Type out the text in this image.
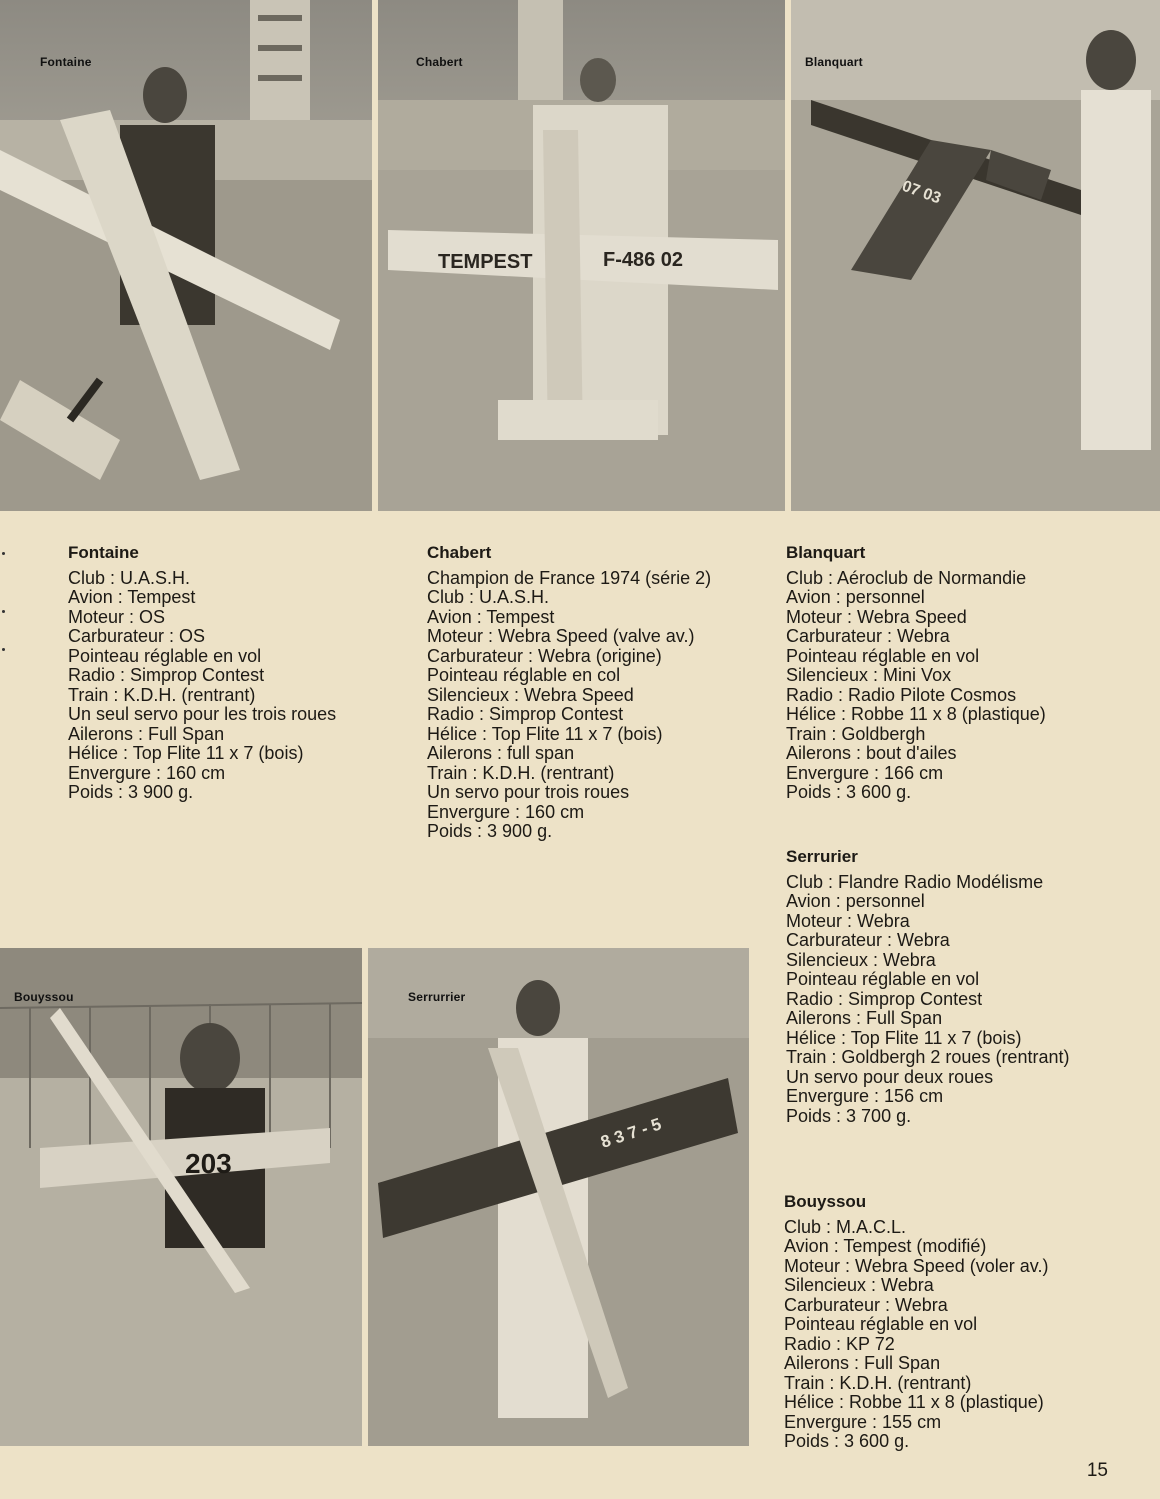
Fontaine
TEMPEST	F-486 02
Chabert
07 03
Blanquart
Fontaine
Club : U.A.S.H.
Avion : Tempest
Moteur : OS
Carburateur : OS
Pointeau réglable en vol
Radio : Simprop Contest
Train : K.D.H. (rentrant)
Un seul servo pour les trois roues
Ailerons : Full Span
Hélice : Top Flite 11 x 7 (bois)
Envergure : 160 cm
Poids : 3 900 g.
Chabert
Champion de France 1974 (série 2)
Club : U.A.S.H.
Avion : Tempest
Moteur : Webra Speed (valve av.)
Carburateur : Webra (origine)
Pointeau réglable en col
Silencieux : Webra Speed
Radio : Simprop Contest
Hélice : Top Flite 11 x 7 (bois)
Ailerons : full span
Train : K.D.H. (rentrant)
Un servo pour trois roues
Envergure : 160 cm
Poids : 3 900 g.
Blanquart
Club : Aéroclub de Normandie
Avion : personnel
Moteur : Webra Speed
Carburateur : Webra
Pointeau réglable en vol
Silencieux : Mini Vox
Radio : Radio Pilote Cosmos
Hélice : Robbe 11 x 8 (plastique)
Train : Goldbergh
Ailerons : bout d'ailes
Envergure : 166 cm
Poids : 3 600 g.
Serrurier
Club : Flandre Radio Modélisme
Avion : personnel
Moteur : Webra
Carburateur : Webra
Silencieux : Webra
Pointeau réglable en vol
Radio : Simprop Contest
Ailerons : Full Span
Hélice : Top Flite 11 x 7 (bois)
Train : Goldbergh 2 roues (rentrant)
Un servo pour deux roues
Envergure : 156 cm
Poids : 3 700 g.
Bouyssou
Club : M.A.C.L.
Avion : Tempest (modifié)
Moteur : Webra Speed (voler av.)
Silencieux : Webra
Carburateur : Webra
Pointeau réglable en vol
Radio : KP 72
Ailerons : Full Span
Train : K.D.H. (rentrant)
Hélice : Robbe 11 x 8 (plastique)
Envergure : 155 cm
Poids : 3 600 g.
203
Bouyssou
8 3 7 - 5
Serrurrier
15
